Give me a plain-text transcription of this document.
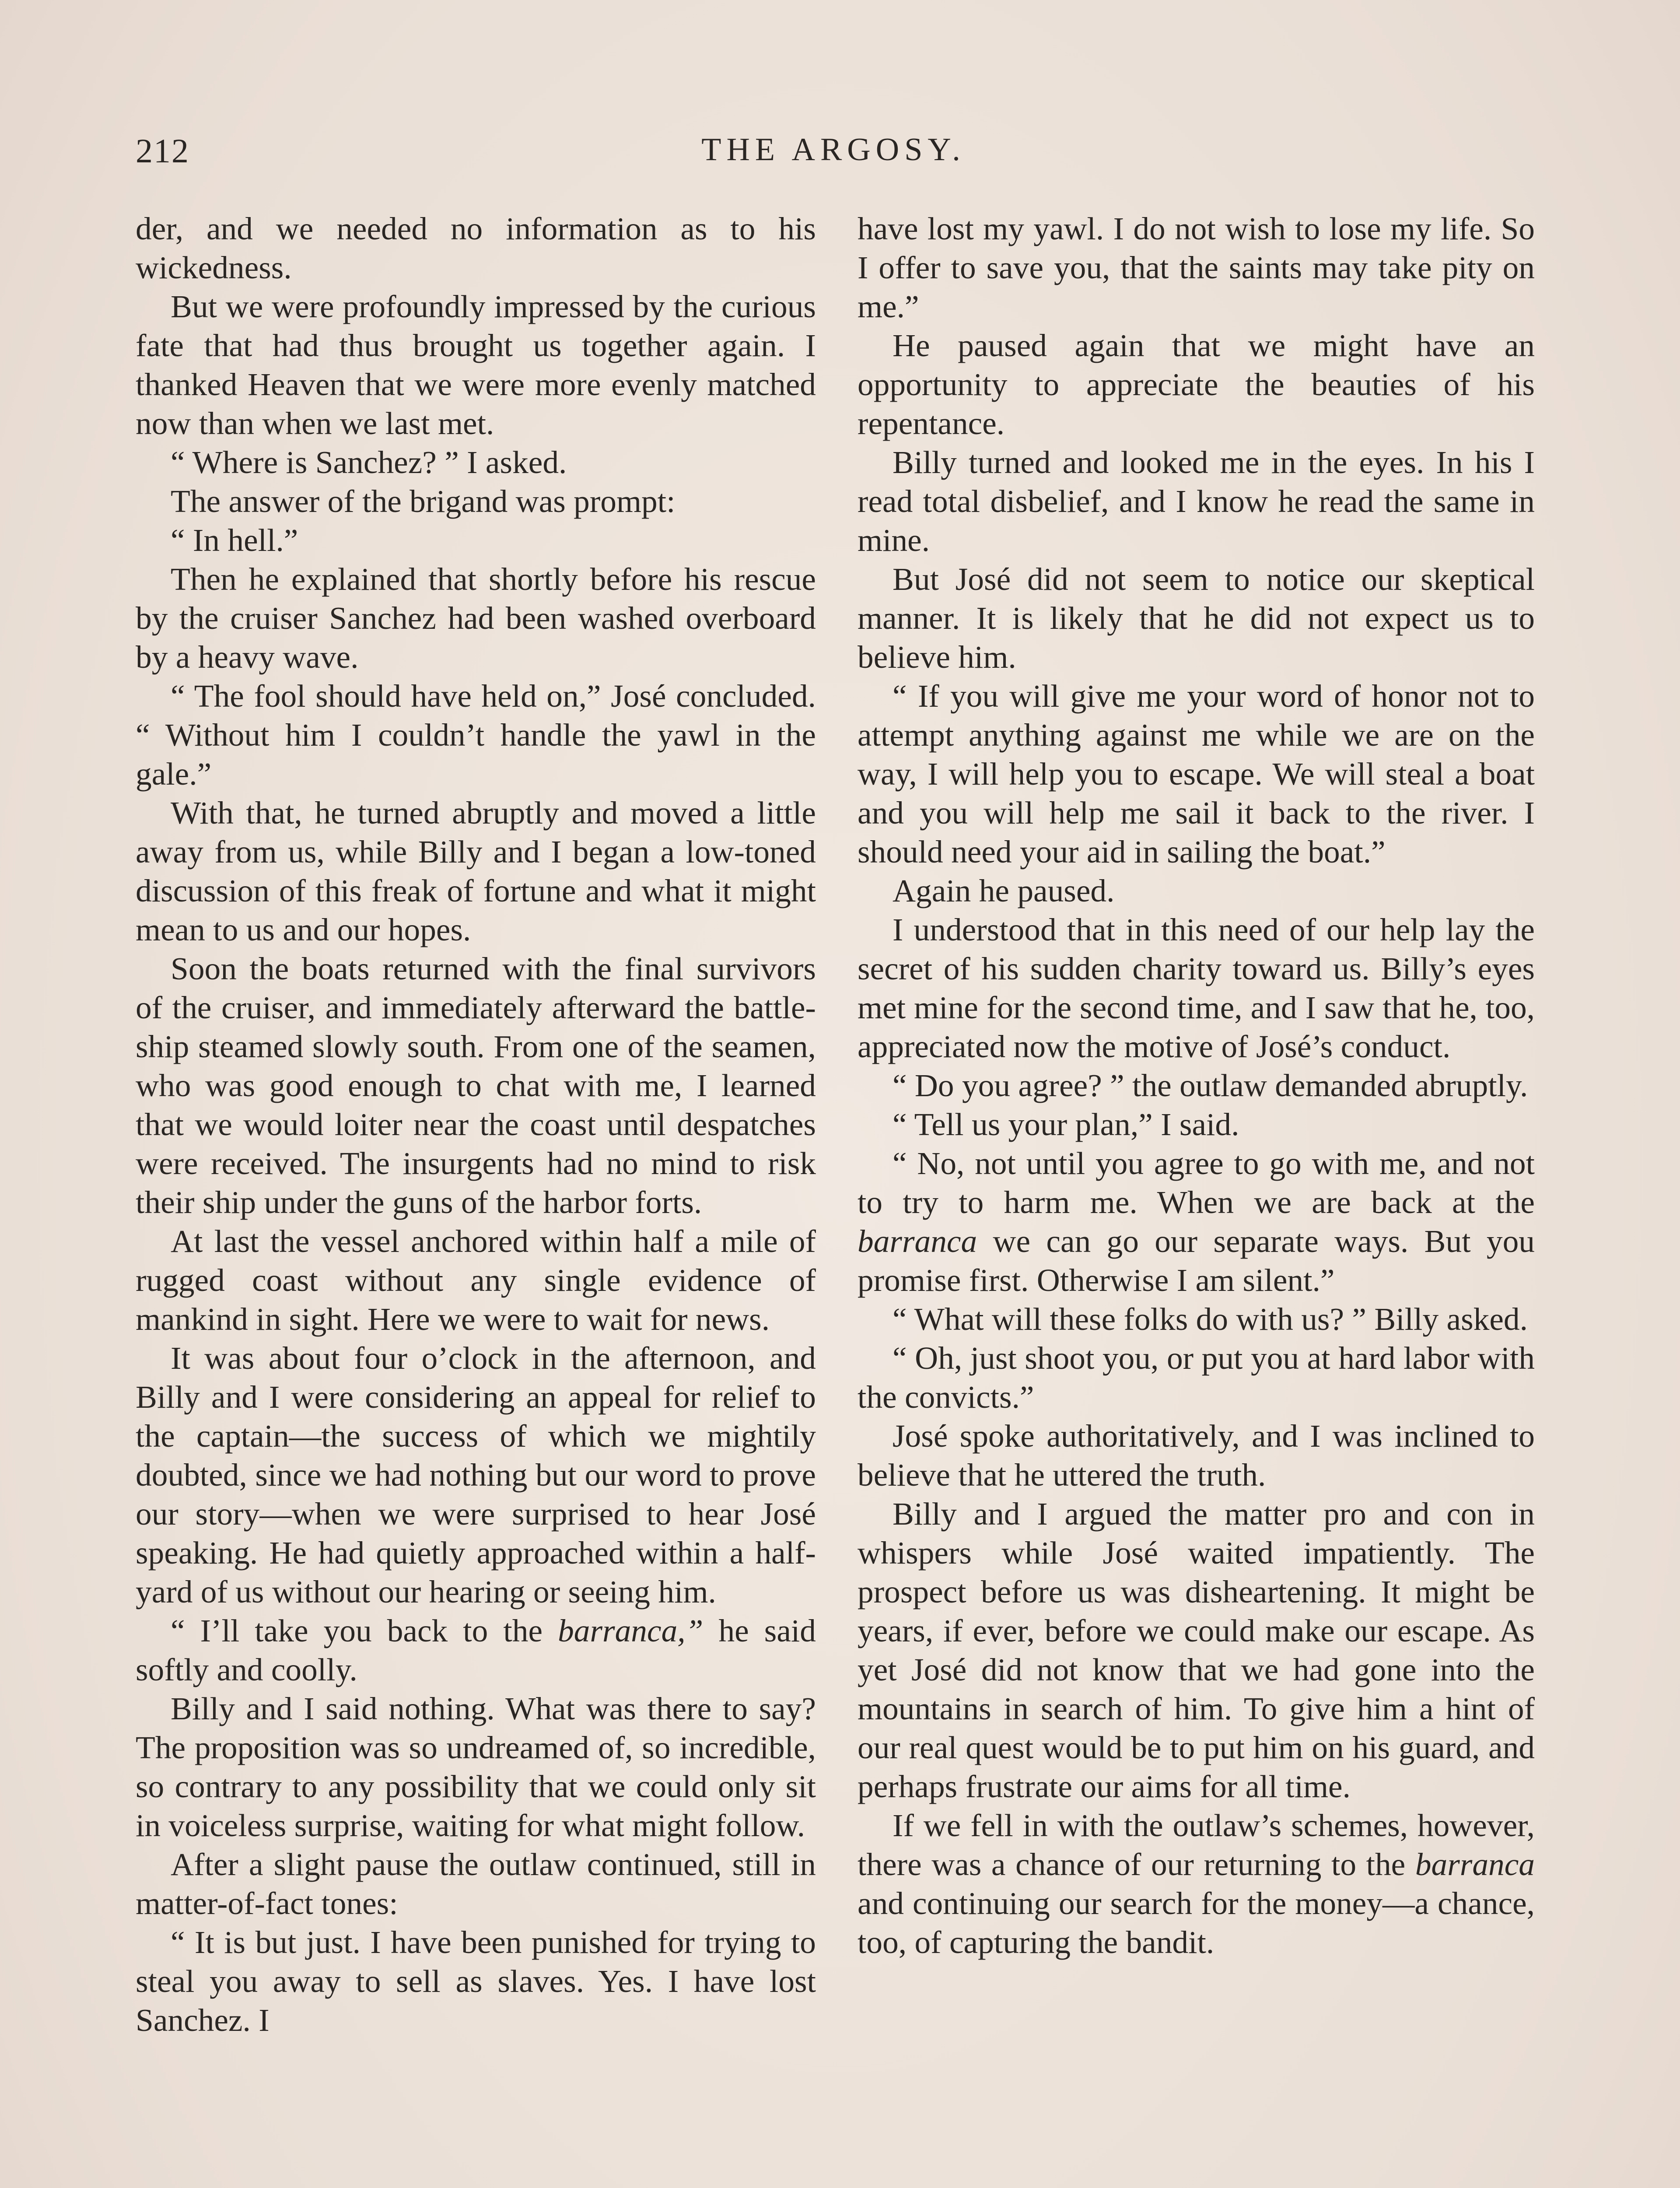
212	THE ARGOSY.

der, and we needed no information as to his wickedness.

But we were profoundly impressed by the curious fate that had thus brought us together again. I thanked Heaven that we were more evenly matched now than when we last met.

“ Where is Sanchez? ” I asked.

The answer of the brigand was prompt:

“ In hell.”

Then he explained that shortly before his rescue by the cruiser Sanchez had been washed overboard by a heavy wave.

“ The fool should have held on,” José concluded. “ Without him I couldn’t handle the yawl in the gale.”

With that, he turned abruptly and moved a little away from us, while Billy and I began a low-toned discussion of this freak of fortune and what it might mean to us and our hopes.

Soon the boats returned with the final survivors of the cruiser, and immediately afterward the battle-ship steamed slowly south. From one of the seamen, who was good enough to chat with me, I learned that we would loiter near the coast until despatches were received. The insurgents had no mind to risk their ship under the guns of the harbor forts.

At last the vessel anchored within half a mile of rugged coast without any single evidence of mankind in sight. Here we were to wait for news.

It was about four o’clock in the afternoon, and Billy and I were considering an appeal for relief to the captain—the success of which we mightily doubted, since we had nothing but our word to prove our story—when we were surprised to hear José speaking. He had quietly approached within a half-yard of us without our hearing or seeing him.

“ I’ll take you back to the barranca,” he said softly and coolly.

Billy and I said nothing. What was there to say? The proposition was so undreamed of, so incredible, so contrary to any possibility that we could only sit in voiceless surprise, waiting for what might follow.

After a slight pause the outlaw continued, still in matter-of-fact tones:

“ It is but just. I have been punished for trying to steal you away to sell as slaves. Yes. I have lost Sanchez. I

have lost my yawl. I do not wish to lose my life. So I offer to save you, that the saints may take pity on me.”

He paused again that we might have an opportunity to appreciate the beauties of his repentance.

Billy turned and looked me in the eyes. In his I read total disbelief, and I know he read the same in mine.

But José did not seem to notice our skeptical manner. It is likely that he did not expect us to believe him.

“ If you will give me your word of honor not to attempt anything against me while we are on the way, I will help you to escape. We will steal a boat and you will help me sail it back to the river. I should need your aid in sailing the boat.”

Again he paused.

I understood that in this need of our help lay the secret of his sudden charity toward us. Billy’s eyes met mine for the second time, and I saw that he, too, appreciated now the motive of José’s conduct.

“ Do you agree? ” the outlaw demanded abruptly.

“ Tell us your plan,” I said.

“ No, not until you agree to go with me, and not to try to harm me. When we are back at the barranca we can go our separate ways. But you promise first. Otherwise I am silent.”

“ What will these folks do with us? ” Billy asked.

“ Oh, just shoot you, or put you at hard labor with the convicts.”

José spoke authoritatively, and I was inclined to believe that he uttered the truth.

Billy and I argued the matter pro and con in whispers while José waited impatiently. The prospect before us was disheartening. It might be years, if ever, before we could make our escape. As yet José did not know that we had gone into the mountains in search of him. To give him a hint of our real quest would be to put him on his guard, and perhaps frustrate our aims for all time.

If we fell in with the outlaw’s schemes, however, there was a chance of our returning to the barranca and continuing our search for the money—a chance, too, of capturing the bandit.
